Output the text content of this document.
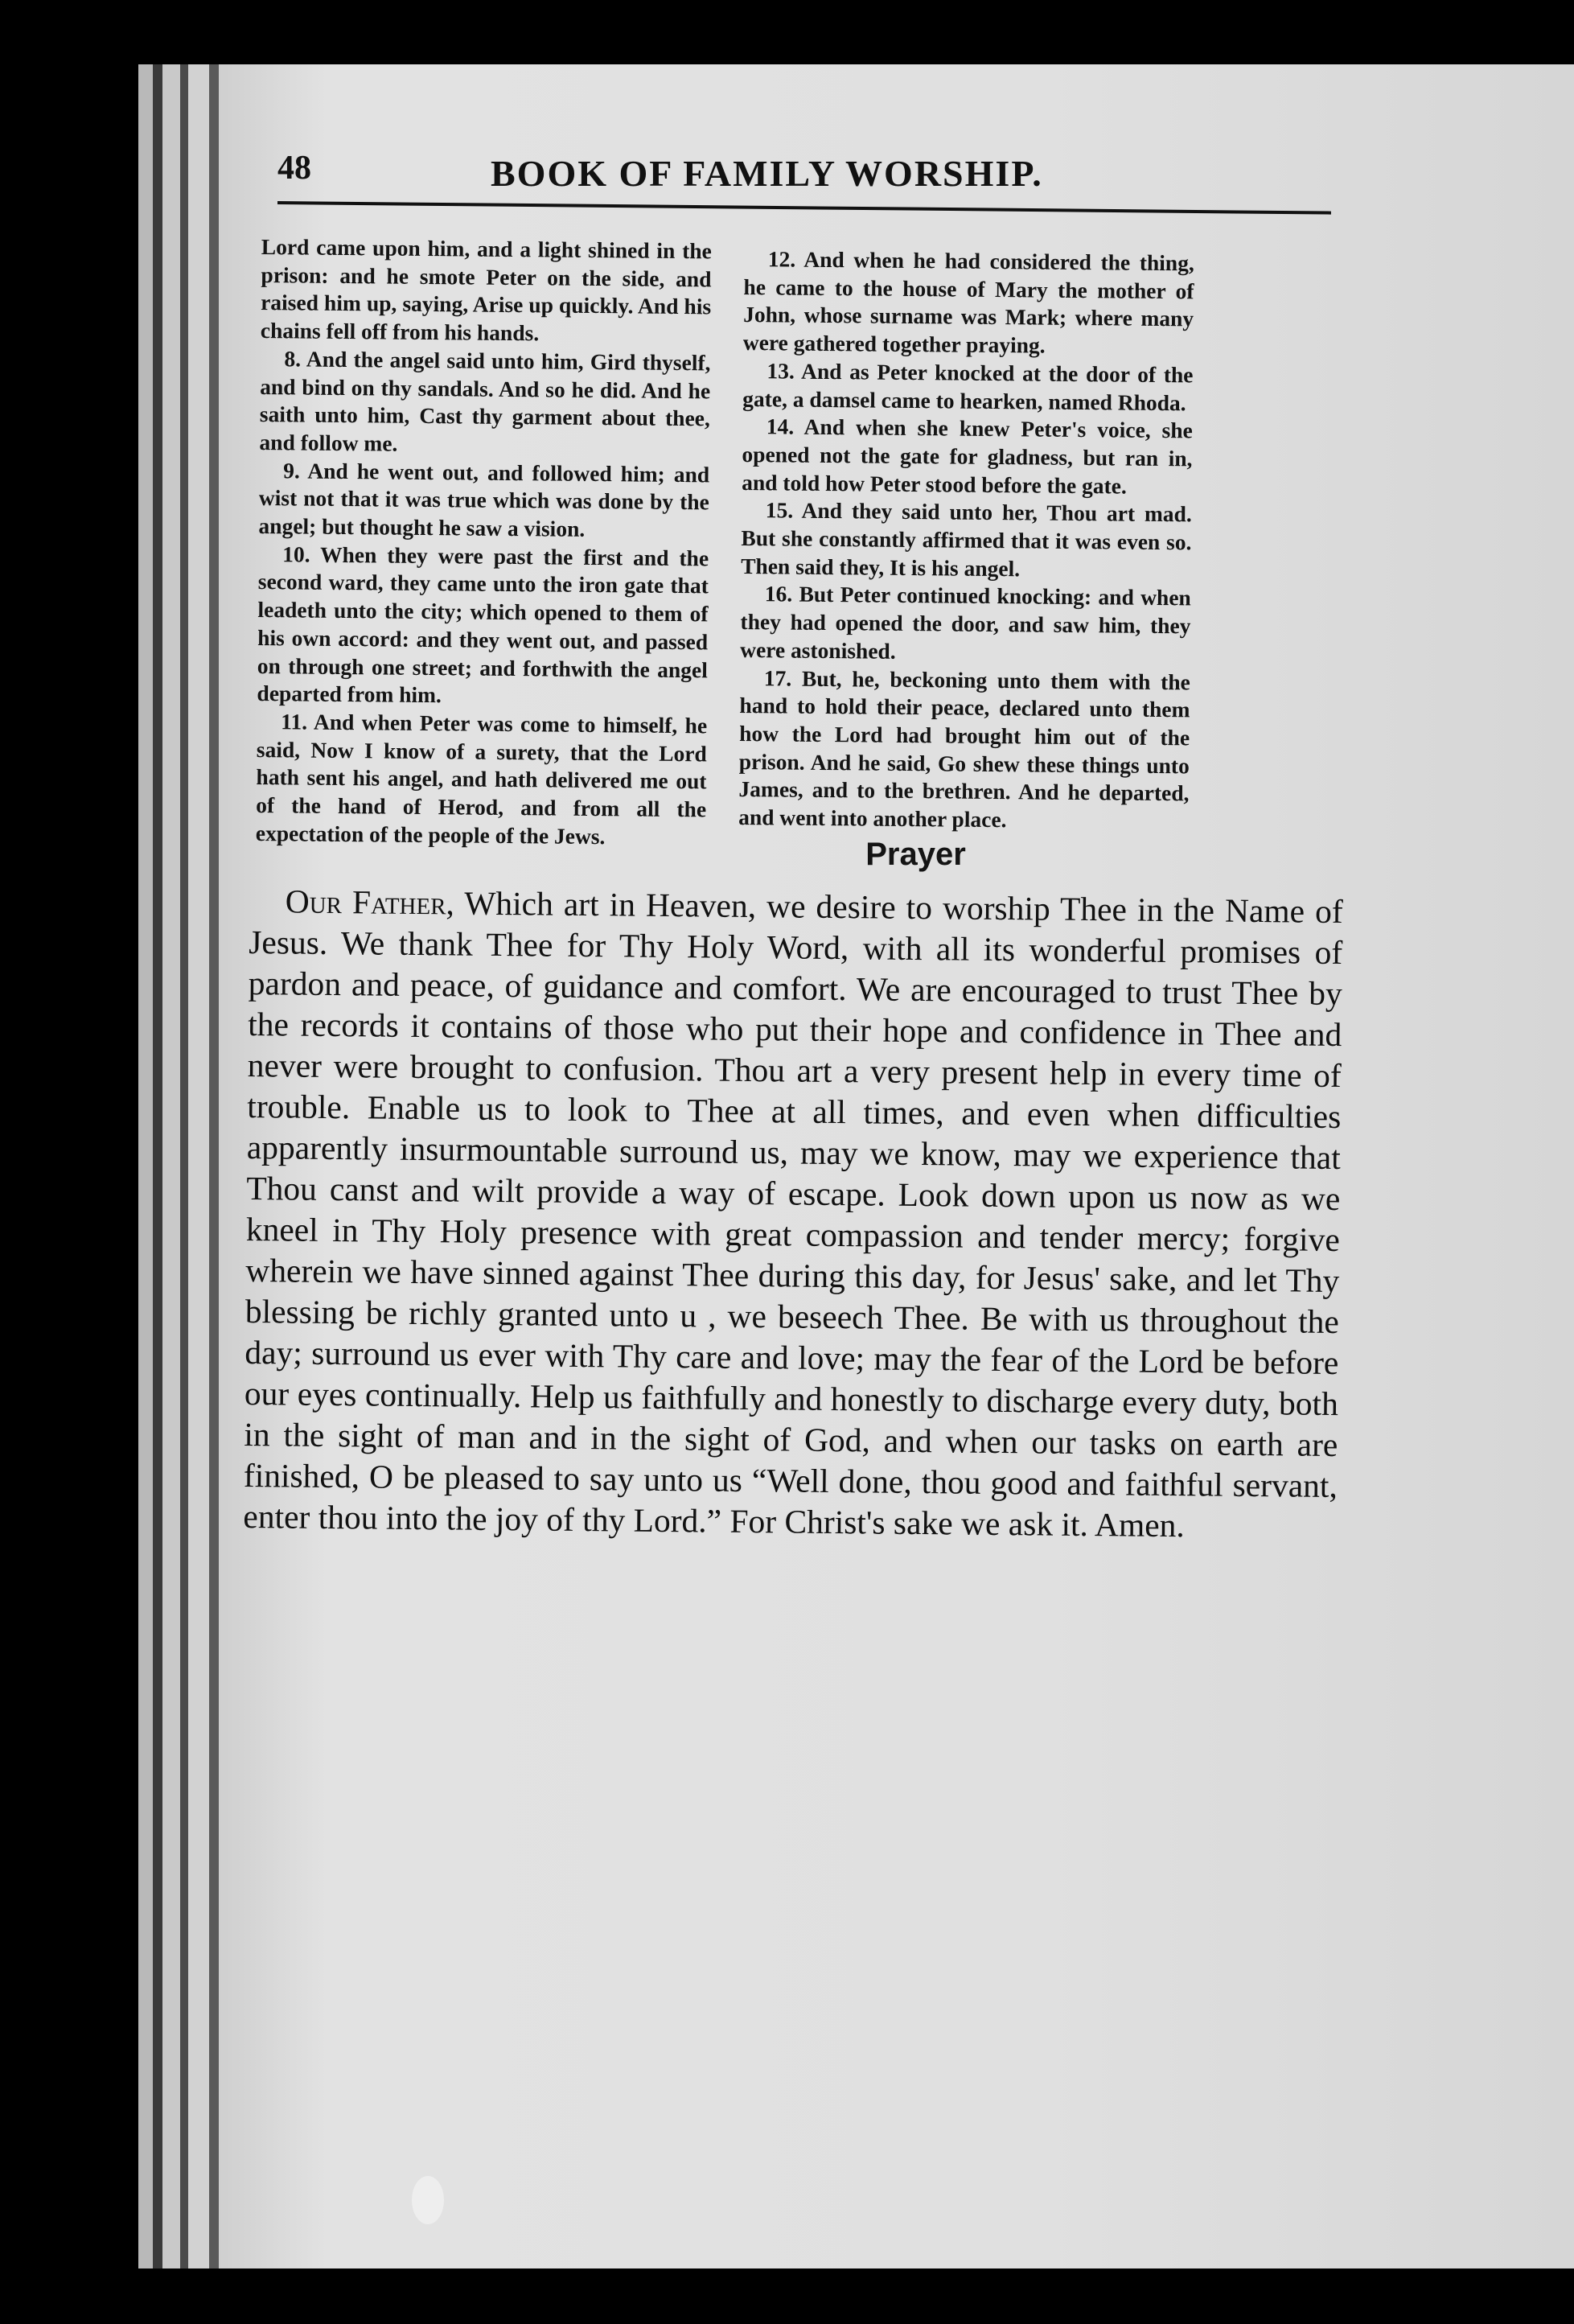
48	BOOK OF FAMILY WORSHIP.

Lord came upon him, and a light shined in the prison: and he smote Peter on the side, and raised him up, saying, Arise up quickly. And his chains fell off from his hands.

8. And the angel said unto him, Gird thyself, and bind on thy sandals. And so he did. And he saith unto him, Cast thy garment about thee, and follow me.

9. And he went out, and followed him; and wist not that it was true which was done by the angel; but thought he saw a vision.

10. When they were past the first and the second ward, they came unto the iron gate that leadeth unto the city; which opened to them of his own accord: and they went out, and passed on through one street; and forthwith the angel departed from him.

11. And when Peter was come to himself, he said, Now I know of a surety, that the Lord hath sent his angel, and hath delivered me out of the hand of Herod, and from all the expectation of the people of the Jews.

12. And when he had considered the thing, he came to the house of Mary the mother of John, whose surname was Mark; where many were gathered together praying.

13. And as Peter knocked at the door of the gate, a damsel came to hearken, named Rhoda.

14. And when she knew Peter's voice, she opened not the gate for gladness, but ran in, and told how Peter stood before the gate.

15. And they said unto her, Thou art mad. But she constantly affirmed that it was even so. Then said they, It is his angel.

16. But Peter continued knocking: and when they had opened the door, and saw him, they were astonished.

17. But, he, beckoning unto them with the hand to hold their peace, declared unto them how the Lord had brought him out of the prison. And he said, Go shew these things unto James, and to the brethren. And he departed, and went into another place.

Prayer
Our Father, Which art in Heaven, we desire to worship Thee in the Name of Jesus. We thank Thee for Thy Holy Word, with all its wonderful promises of pardon and peace, of guidance and comfort. We are encouraged to trust Thee by the records it contains of those who put their hope and confidence in Thee and never were brought to confusion. Thou art a very present help in every time of trouble. Enable us to look to Thee at all times, and even when difficulties apparently insurmountable surround us, may we know, may we experience that Thou canst and wilt provide a way of escape. Look down upon us now as we kneel in Thy Holy presence with great compassion and tender mercy; forgive wherein we have sinned against Thee during this day, for Jesus' sake, and let Thy blessing be richly granted unto u , we beseech Thee. Be with us throughout the day; surround us ever with Thy care and love; may the fear of the Lord be before our eyes continually. Help us faithfully and honestly to discharge every duty, both in the sight of man and in the sight of God, and when our tasks on earth are finished, O be pleased to say unto us “Well done, thou good and faithful servant, enter thou into the joy of thy Lord.” For Christ's sake we ask it. Amen.
